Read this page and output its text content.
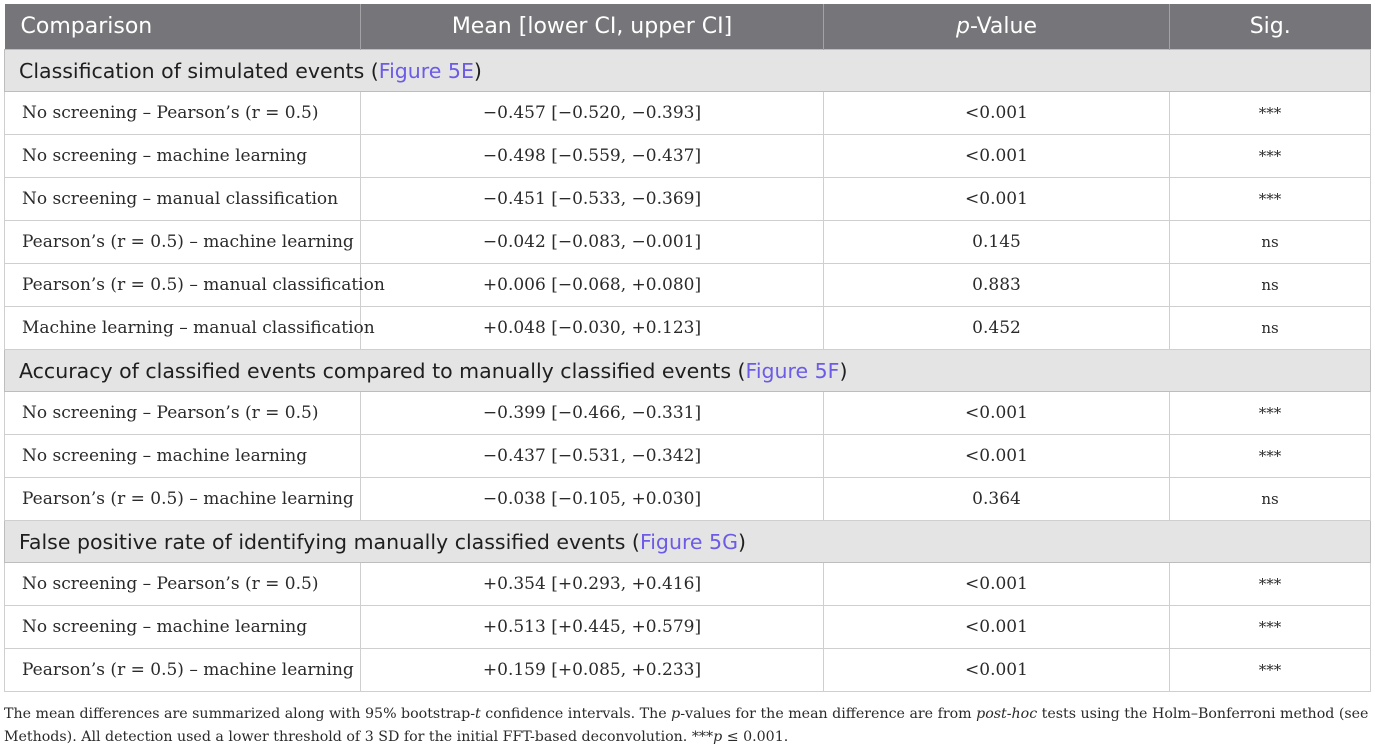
Comparison	Mean [lower CI, upper CI]	p-Value	Sig.
Classification of simulated events (Figure 5E)			
No screening – Pearson’s (r = 0.5)	−0.457 [−0.520, −0.393]	<0.001	***
No screening – machine learning	−0.498 [−0.559, −0.437]	<0.001	***
No screening – manual classification	−0.451 [−0.533, −0.369]	<0.001	***
Pearson’s (r = 0.5) – machine learning	−0.042 [−0.083, −0.001]	0.145	ns
Pearson’s (r = 0.5) – manual classification	+0.006 [−0.068, +0.080]	0.883	ns
Machine learning – manual classification	+0.048 [−0.030, +0.123]	0.452	ns
Accuracy of classified events compared to manually classified events (Figure 5F)			
No screening – Pearson’s (r = 0.5)	−0.399 [−0.466, −0.331]	<0.001	***
No screening – machine learning	−0.437 [−0.531, −0.342]	<0.001	***
Pearson’s (r = 0.5) – machine learning	−0.038 [−0.105, +0.030]	0.364	ns
False positive rate of identifying manually classified events (Figure 5G)			
No screening – Pearson’s (r = 0.5)	+0.354 [+0.293, +0.416]	<0.001	***
No screening – machine learning	+0.513 [+0.445, +0.579]	<0.001	***
Pearson’s (r = 0.5) – machine learning	+0.159 [+0.085, +0.233]	<0.001	***
The mean differences are summarized along with 95% bootstrap-t confidence intervals. The p-values for the mean difference are from post-hoc tests using the Holm–Bonferroni method (see Methods). All detection used a lower threshold of 3 SD for the initial FFT-based deconvolution. ***p ≤ 0.001.
